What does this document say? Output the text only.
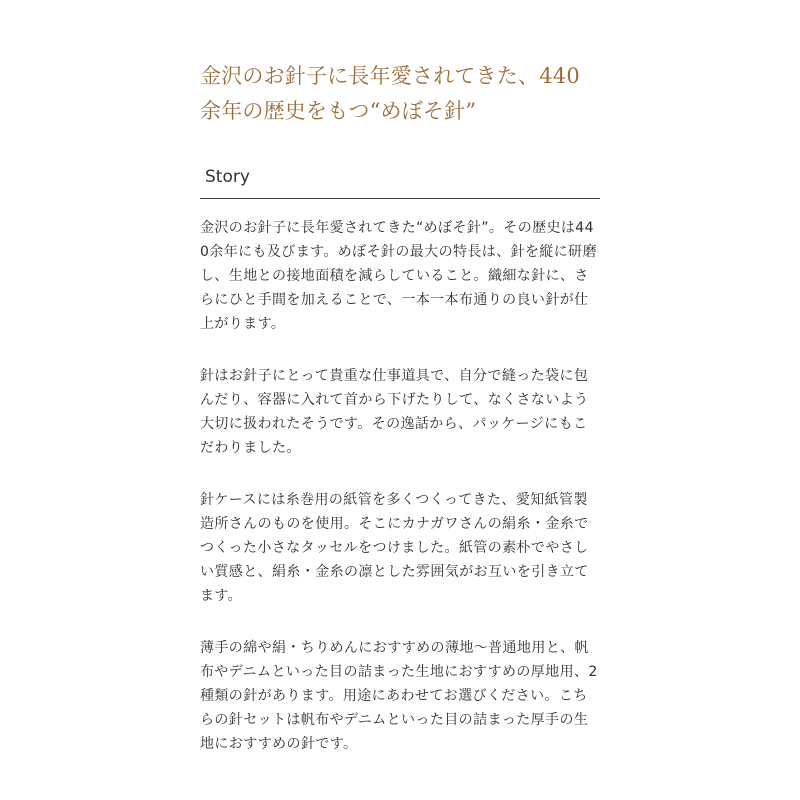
金沢のお針子に長年愛されてきた、440余年の歴史をもつ“めぼそ針”
Story

金沢のお針子に長年愛されてきた“めぼそ針”。その歴史は440余年にも及びます。めぼそ針の最大の特長は、針を縦に研磨し、生地との接地面積を減らしていること。織細な針に、さらにひと手間を加えることで、一本一本布通りの良い針が仕上がります。

針はお針子にとって貴重な仕事道具で、自分で縫った袋に包んだり、容器に入れて首から下げたりして、なくさないよう大切に扱われたそうです。その逸話から、パッケージにもこだわりました。

針ケースには糸巻用の紙管を多くつくってきた、愛知紙管製造所さんのものを使用。そこにカナガワさんの絹糸・金糸でつくった小さなタッセルをつけました。紙管の素朴でやさしい質感と、絹糸・金糸の凛とした雰囲気がお互いを引き立てます。

薄手の綿や絹・ちりめんにおすすめの薄地〜普通地用と、帆布やデニムといった目の詰まった生地におすすめの厚地用、2種類の針があります。用途にあわせてお選びください。こちらの針セットは帆布やデニムといった目の詰まった厚手の生地におすすめの針です。
